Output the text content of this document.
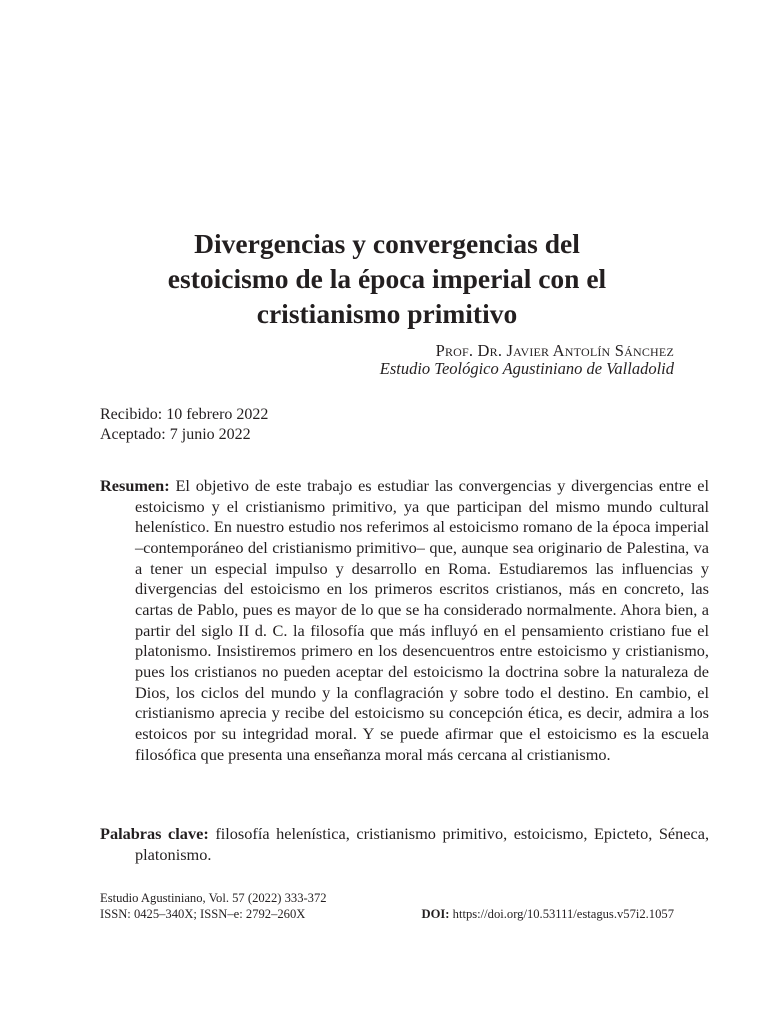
Divergencias y convergencias del
estoicismo de la época imperial con el
cristianismo primitivo
Prof. Dr. Javier Antolín Sánchez
Estudio Teológico Agustiniano de Valladolid
Recibido: 10 febrero 2022
Aceptado: 7 junio 2022

Resumen: El objetivo de este trabajo es estudiar las convergencias y divergencias entre el estoicismo y el cristianismo primitivo, ya que participan del mismo mundo cultural helenístico. En nuestro estudio nos referimos al estoicismo romano de la época imperial –contemporáneo del cristianismo primitivo– que, aunque sea originario de Palestina, va a tener un especial impulso y desarrollo en Roma. Estudiaremos las influencias y divergencias del estoicismo en los primeros escritos cristianos, más en concreto, las cartas de Pablo, pues es mayor de lo que se ha considerado normalmente. Ahora bien, a partir del siglo II d. C. la filosofía que más influyó en el pensamiento cristiano fue el platonismo. Insistiremos primero en los desencuentros entre estoicismo y cristianismo, pues los cristianos no pueden aceptar del estoicismo la doctrina sobre la naturaleza de Dios, los ciclos del mundo y la conflagración y sobre todo el destino. En cambio, el cristianismo aprecia y recibe del estoicismo su concepción ética, es decir, admira a los estoicos por su integridad moral. Y se puede afirmar que el estoicismo es la escuela filosófica que presenta una enseñanza moral más cercana al cristianismo.

Palabras clave: filosofía helenística, cristianismo primitivo, estoicismo, Epicteto, Séneca, platonismo.

Estudio Agustiniano, Vol. 57 (2022) 333-372
ISSN: 0425–340X; ISSN–e: 2792–260X	DOI: https://doi.org/10.53111/estagus.v57i2.1057
